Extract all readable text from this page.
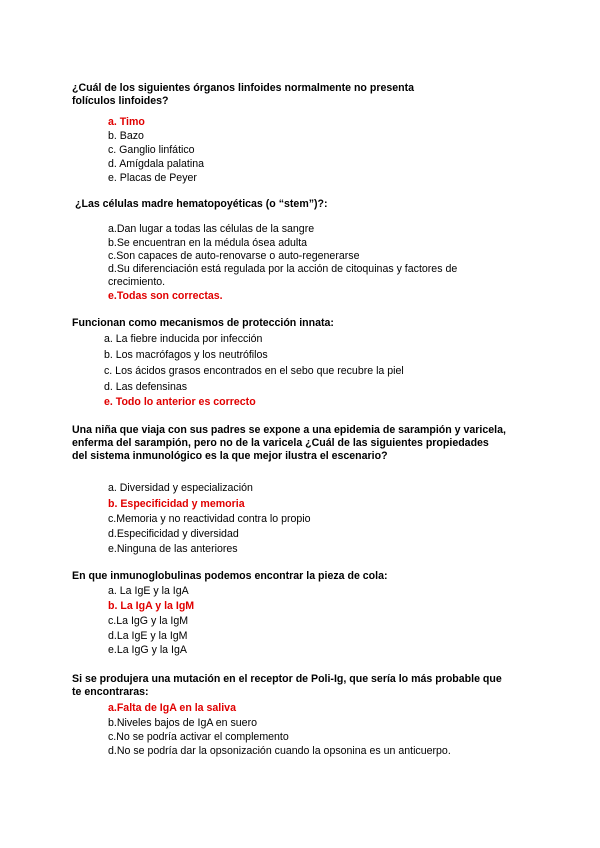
¿Cuál de los siguientes órganos linfoides normalmente no presenta
folículos linfoides?
a. Timo
b. Bazo
c. Ganglio linfático
d. Amígdala palatina
e. Placas de Peyer
¿Las células madre hematopoyéticas (o “stem”)?:
a.Dan lugar a todas las células de la sangre
b.Se encuentran en la médula ósea adulta
c.Son capaces de auto-renovarse o auto-regenerarse
d.Su diferenciación está regulada por la acción de citoquinas y factores de
crecimiento.
e.Todas son correctas.
Funcionan como mecanismos de protección innata:
a. La fiebre inducida por infección
b. Los macrófagos y los neutrófilos
c. Los ácidos grasos encontrados en el sebo que recubre la piel
d. Las defensinas
e. Todo lo anterior es correcto
Una niña que viaja con sus padres se expone a una epidemia de sarampión y varicela,
enferma del sarampión, pero no de la varicela ¿Cuál de las siguientes propiedades
del sistema inmunológico es la que mejor ilustra el escenario?
a. Diversidad y especialización
b. Especificidad y memoria
c.Memoria y no reactividad contra lo propio
d.Especificidad y diversidad
e.Ninguna de las anteriores
En que inmunoglobulinas podemos encontrar la pieza de cola:
a. La IgE y la IgA
b. La IgA y la IgM
c.La IgG y la IgM
d.La IgE y la IgM
e.La IgG y la IgA
Si se produjera una mutación en el receptor de Poli-Ig, que sería lo más probable que
te encontraras:
a.Falta de IgA en la saliva
b.Niveles bajos de IgA en suero
c.No se podría activar el complemento
d.No se podría dar la opsonización cuando la opsonina es un anticuerpo.
